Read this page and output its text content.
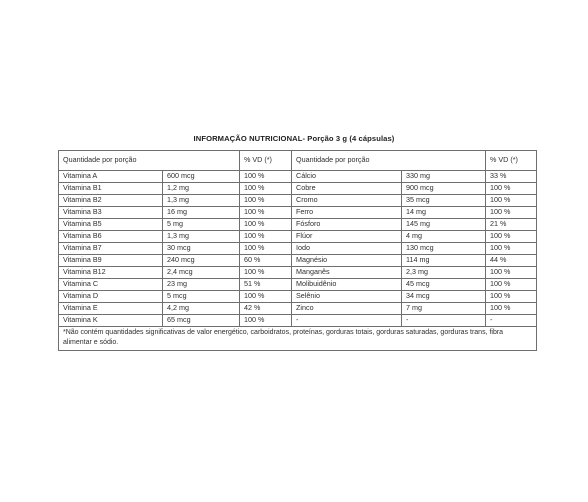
INFORMAÇÃO NUTRICIONAL- Porção 3 g (4 cápsulas)
Quantidade por porção		% VD (*)	Quantidade por porção		% VD (*)
Vitamina A	600 mcg	100 %	Cálcio	330 mg	33 %
Vitamina B1	1,2 mg	100 %	Cobre	900 mcg	100 %
Vitamina B2	1,3 mg	100 %	Cromo	35 mcg	100 %
Vitamina B3	16 mg	100 %	Ferro	14 mg	100 %
Vitamina B5	5 mg	100 %	Fósforo	145 mg	21 %
Vitamina B6	1,3 mg	100 %	Flúor	4 mg	100 %
Vitamina B7	30 mcg	100 %	Iodo	130 mcg	100 %
Vitamina B9	240 mcg	60 %	Magnésio	114 mg	44 %
Vitamina B12	2,4 mcg	100 %	Manganês	2,3 mg	100 %
Vitamina C	23 mg	51 %	Molibuidênio	45 mcg	100 %
Vitamina D	5 mcg	100 %	Selênio	34 mcg	100 %
Vitamina E	4,2 mg	42 %	Zinco	7 mg	100 %
Vitamina K	65 mcg	100 %	-	-	-
*Não contém quantidades significativas de valor energético, carboidratos, proteínas, gorduras totais, gorduras saturadas, gorduras trans, fibra alimentar e sódio.					
